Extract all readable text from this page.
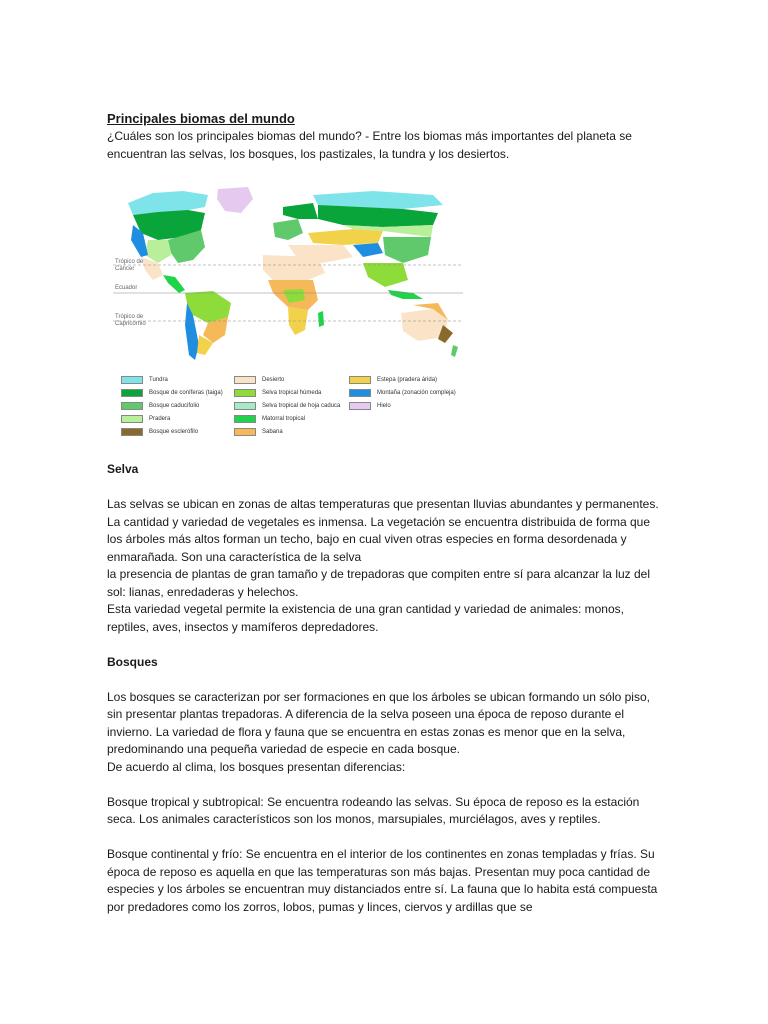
Principales biomas del mundo

¿Cuáles son los principales biomas del mundo? - Entre los biomas más importantes del planeta se encuentran las selvas, los bosques, los pastizales, la tundra y los desiertos.

Trópico de
Cáncer
Ecuador
Trópico de
Capricornio
Tundra
Bosque de coníferas (taiga)
Bosque caducifolio
Pradera
Bosque esclerófilo
Desierto
Selva tropical húmeda
Selva tropical de hoja caduca
Matorral tropical
Sabana
Estepa (pradera árida)
Montaña (zonación compleja)
Hielo
Selva

Las selvas se ubican en zonas de altas temperaturas que presentan lluvias abundantes y permanentes. La cantidad y variedad de vegetales es inmensa. La vegetación se encuentra distribuida de forma que los árboles más altos forman un techo, bajo en cual viven otras especies en forma desordenada y enmarañada. Son una característica de la selva

la presencia de plantas de gran tamaño y de trepadoras que compiten entre sí para alcanzar la luz del sol: lianas, enredaderas y helechos.

Esta variedad vegetal permite la existencia de una gran cantidad y variedad de animales: monos, reptiles, aves, insectos y mamíferos depredadores.

Bosques

Los bosques se caracterizan por ser formaciones en que los árboles se ubican formando un sólo piso, sin presentar plantas trepadoras. A diferencia de la selva poseen una época de reposo durante el invierno. La variedad de flora y fauna que se encuentra en estas zonas es menor que en la selva, predominando una pequeña variedad de especie en cada bosque.

De acuerdo al clima, los bosques presentan diferencias:

Bosque tropical y subtropical: Se encuentra rodeando las selvas. Su época de reposo es la estación seca. Los animales característicos son los monos, marsupiales, murciélagos, aves y reptiles.

Bosque continental y frío: Se encuentra en el interior de los continentes en zonas templadas y frías. Su época de reposo es aquella en que las temperaturas son más bajas. Presentan muy poca cantidad de especies y los árboles se encuentran muy distanciados entre sí. La fauna que lo habita está compuesta por predadores como los zorros, lobos, pumas y linces, ciervos y ardillas que se
